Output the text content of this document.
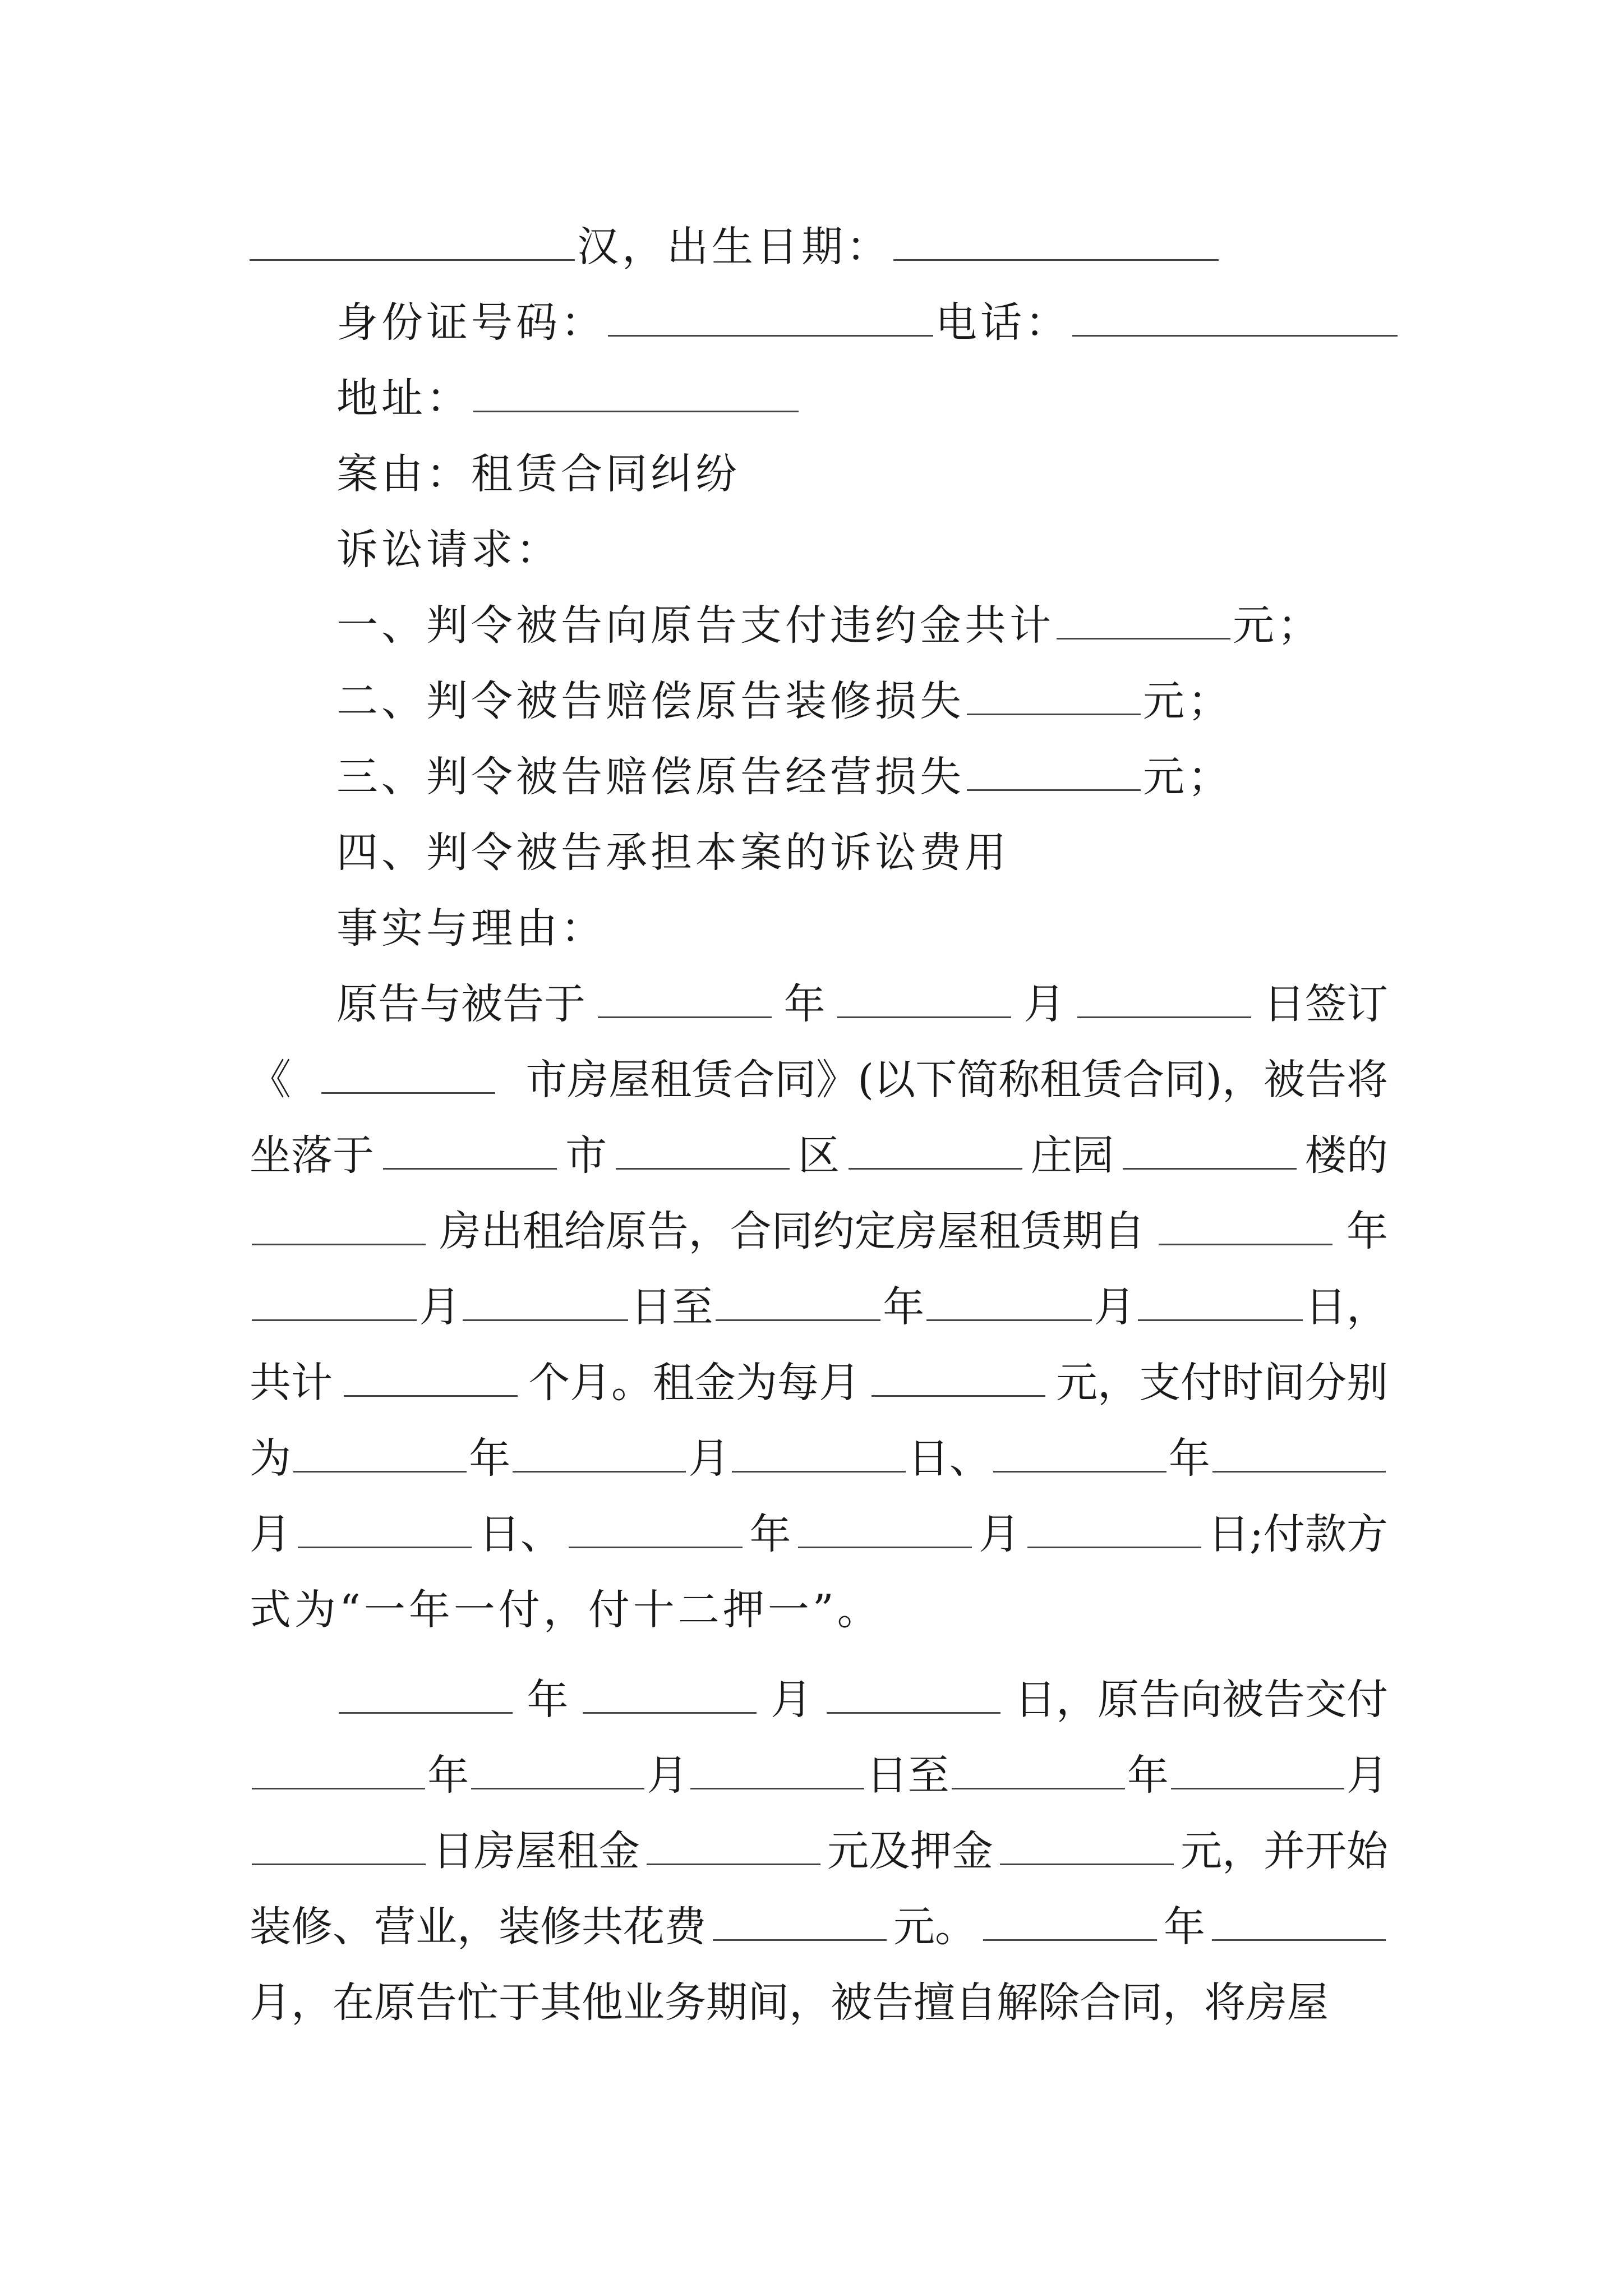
汉，出生日期：
身份证号码：	电话：
地址：
案由：租赁合同纠纷
诉讼请求：
一、判令被告向原告支付违约金共计	元；
二、判令被告赔偿原告装修损失	元；
三、判令被告赔偿原告经营损失	元；
四、判令被告承担本案的诉讼费用
事实与理由：
原告与被告于	年	月	日签订
《	市房屋租赁合同》(以下简称租赁合同)，被告将
坐落于	市	区	庄园	楼的
房出租给原告，合同约定房屋租赁期自	年
月	日至	年	月	日，
共计	个月。租金为每月	元，支付时间分别
为	年	月	日、	年
月	日、	年	月	日;付款方
式为“一年一付，付十二押一”。
年	月	日，原告向被告交付
年	月	日至	年	月
日房屋租金	元及押金	元，并开始
装修、营业，装修共花费	元。	年
月，在原告忙于其他业务期间，被告擅自解除合同，将房屋
